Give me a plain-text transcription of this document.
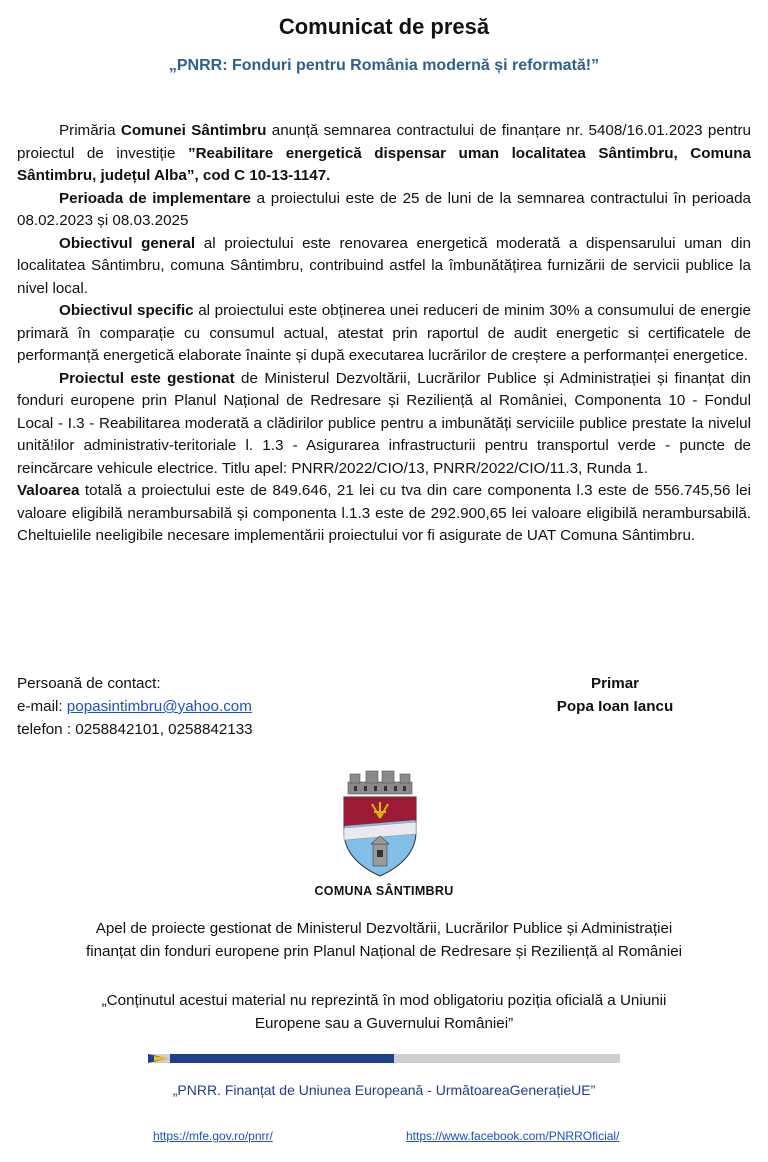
Comunicat de presă
„PNRR: Fonduri pentru România modernă și reformată!”

Primăria Comunei Sântimbru anunță semnarea contractului de finanțare nr. 5408/16.01.2023 pentru proiectul de investiție ”Reabilitare energetică dispensar uman localitatea Sântimbru, Comuna Sântimbru, județul Alba”, cod C 10-13-1147.

Perioada de implementare a proiectului este de 25 de luni de la semnarea contractului în perioada 08.02.2023 și 08.03.2025

Obiectivul general al proiectului este renovarea energetică moderată a dispensarului uman din localitatea Sântimbru, comuna Sântimbru, contribuind astfel la îmbunătățirea furnizării de servicii publice la nivel local.

Obiectivul specific al proiectului este obținerea unei reduceri de minim 30% a consumului de energie primară în comparație cu consumul actual, atestat prin raportul de audit energetic si certificatele de performanță energetică elaborate înainte și după executarea lucrărilor de creștere a performanței energetice.

Proiectul este gestionat de Ministerul Dezvoltării, Lucrărilor Publice și Administrației și finanțat din fonduri europene prin Planul Național de Redresare și Reziliență al României, Componenta 10 - Fondul Local - I.3 - Reabilitarea moderată a clădirilor publice pentru a imbunătăți serviciile publice prestate la nivelul unită!ilor administrativ-teritoriale l. 1.3 - Asigurarea infrastructurii pentru transportul verde - puncte de reincărcare vehicule electrice. Titlu apel: PNRR/2022/CIO/13, PNRR/2022/CIO/11.3, Runda 1.

Valoarea totală a proiectului este de 849.646, 21 lei cu tva din care componenta l.3 este de 556.745,56 lei valoare eligibilă nerambursabilă și componenta l.1.3 este de 292.900,65 lei valoare eligibilă nerambursabilă. Cheltuielile neeligibile necesare implementării proiectului vor fi asigurate de UAT Comuna Sântimbru.

Persoană de contact:
e-mail: popasintimbru@yahoo.com
telefon : 0258842101, 0258842133
Primar
Popa Ioan Iancu
COMUNA SÂNTIMBRU
Apel de proiecte gestionat de Ministerul Dezvoltării, Lucrărilor Publice și Administrației
finanțat din fonduri europene prin Planul Național de Redresare și Reziliență al României
„Conținutul acestui material nu reprezintă în mod obligatoriu poziția oficială a Uniunii
Europene sau a Guvernului României”
„PNRR. Finanțat de Uniunea Europeană - UrmătoareaGenerațieUE”
https://mfe.gov.ro/pnrr/	https://www.facebook.com/PNRROficial/
